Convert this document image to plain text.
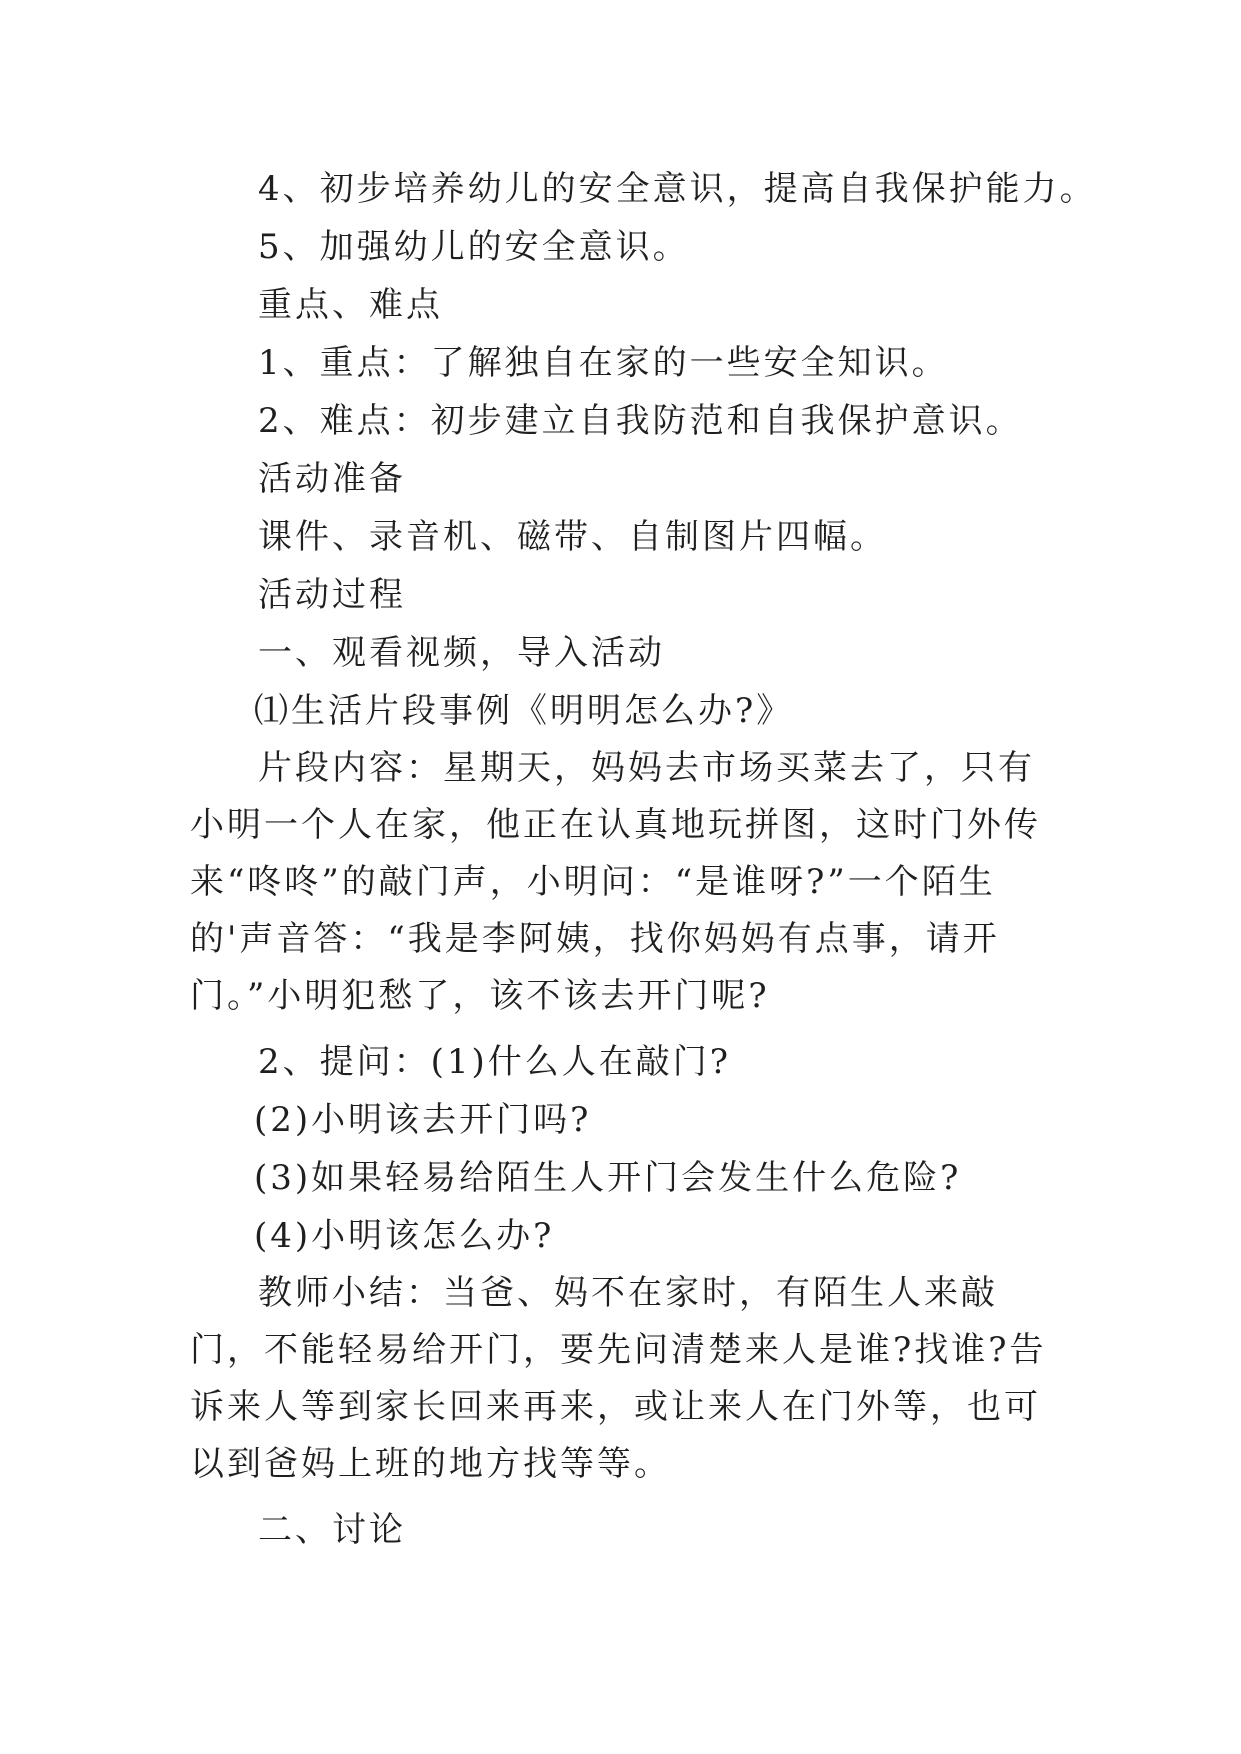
4、初步培养幼儿的安全意识，提高自我保护能力。

5、加强幼儿的安全意识。

重点、难点

1、重点：了解独自在家的一些安全知识。

2、难点：初步建立自我防范和自我保护意识。

活动准备

课件、录音机、磁带、自制图片四幅。

活动过程

一、观看视频，导入活动

⑴生活片段事例《明明怎么办?》

片段内容：星期天，妈妈去市场买菜去了，只有小明一个人在家，他正在认真地玩拼图，这时门外传来“咚咚”的敲门声，小明问：“是谁呀?”一个陌生的'声音答：“我是李阿姨，找你妈妈有点事，请开门。”小明犯愁了，该不该去开门呢?

2、提问：(1)什么人在敲门?

(2)小明该去开门吗?

(3)如果轻易给陌生人开门会发生什么危险?

(4)小明该怎么办?

教师小结：当爸、妈不在家时，有陌生人来敲门，不能轻易给开门，要先问清楚来人是谁?找谁?告诉来人等到家长回来再来，或让来人在门外等，也可以到爸妈上班的地方找等等。

二、讨论
